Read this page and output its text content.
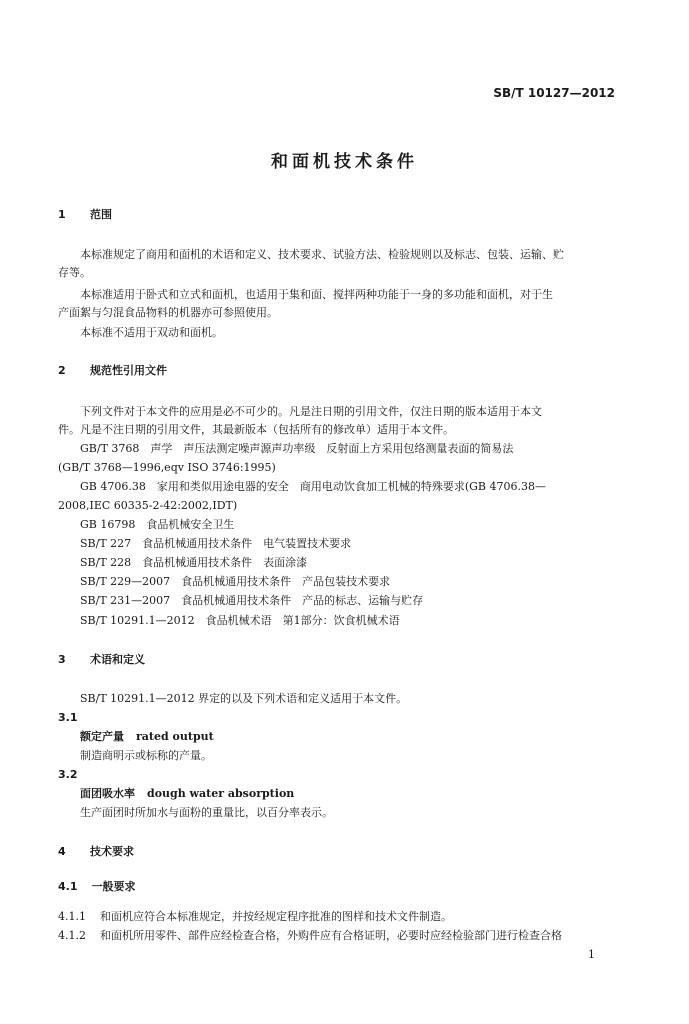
SB/T 10127—2012
和面机技术条件
1 范围
本标准规定了商用和面机的术语和定义、技术要求、试验方法、检验规则以及标志、包装、运输、贮
存等。
本标准适用于卧式和立式和面机，也适用于集和面、搅拌两种功能于一身的多功能和面机，对于生
产面絮与匀混食品物料的机器亦可参照使用。
本标准不适用于双动和面机。
2 规范性引用文件
下列文件对于本文件的应用是必不可少的。凡是注日期的引用文件，仅注日期的版本适用于本文
件。凡是不注日期的引用文件，其最新版本（包括所有的修改单）适用于本文件。
GB/T 3768　声学　声压法测定噪声源声功率级　反射面上方采用包络测量表面的简易法
(GB/T 3768—1996,eqv ISO 3746:1995)
GB 4706.38　家用和类似用途电器的安全　商用电动饮食加工机械的特殊要求(GB 4706.38—
2008,IEC 60335-2-42:2002,IDT)
GB 16798　食品机械安全卫生
SB/T 227　食品机械通用技术条件　电气装置技术要求
SB/T 228　食品机械通用技术条件　表面涂漆
SB/T 229—2007　食品机械通用技术条件　产品包装技术要求
SB/T 231—2007　食品机械通用技术条件　产品的标志、运输与贮存
SB/T 10291.1—2012　食品机械术语　第1部分：饮食机械术语
3 术语和定义
SB/T 10291.1—2012 界定的以及下列术语和定义适用于本文件。
3.1
额定产量 rated output
制造商明示或标称的产量。
3.2
面团吸水率 dough water absorption
生产面团时所加水与面粉的重量比，以百分率表示。
4 技术要求
4.1 一般要求
4.1.1 和面机应符合本标准规定，并按经规定程序批准的图样和技术文件制造。
4.1.2 和面机所用零件、部件应经检查合格，外购件应有合格证明，必要时应经检验部门进行检查合格
1
